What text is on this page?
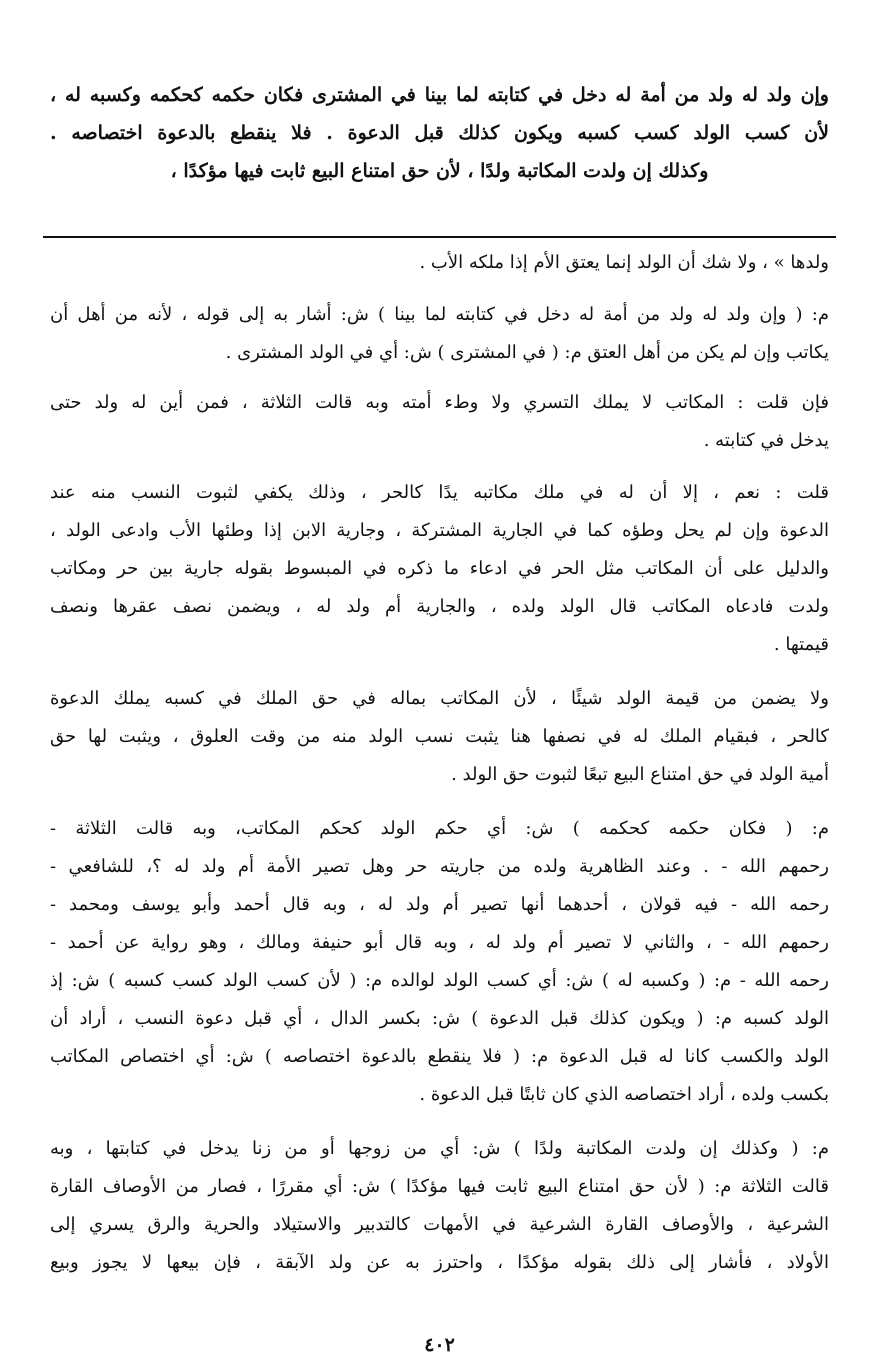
وإن ولد له ولد من أمة له دخل في كتابته لما بينا في المشترى فكان حكمه كحكمه وكسبه له ،
لأن كسب الولد كسب كسبه ويكون كذلك قبل الدعوة . فلا ينقطع بالدعوة اختصاصه .
وكذلك إن ولدت المكاتبة ولدًا ، لأن حق امتناع البيع ثابت فيها مؤكدًا ،
ولدها » ، ولا شك أن الولد إنما يعتق الأم إذا ملكه الأب .
م: ( وإن ولد له ولد من أمة له دخل في كتابته لما بينا ) ش: أشار به إلى قوله ، لأنه من أهل أن
يكاتب وإن لم يكن من أهل العتق م: ( في المشترى ) ش: أي في الولد المشترى .
فإن قلت : المكاتب لا يملك التسري ولا وطء أمته وبه قالت الثلاثة ، فمن أين له ولد حتى
يدخل في كتابته .
قلت : نعم ، إلا أن له في ملك مكاتبه يدًا كالحر ، وذلك يكفي لثبوت النسب منه عند
الدعوة وإن لم يحل وطؤه كما في الجارية المشتركة ، وجارية الابن إذا وطئها الأب وادعى الولد ،
والدليل على أن المكاتب مثل الحر في ادعاء ما ذكره في المبسوط بقوله جارية بين حر ومكاتب
ولدت فادعاه المكاتب قال الولد ولده ، والجارية أم ولد له ، ويضمن نصف عقرها ونصف
قيمتها .
ولا يضمن من قيمة الولد شيئًا ، لأن المكاتب بماله في حق الملك في كسبه يملك الدعوة
كالحر ، فبقيام الملك له في نصفها هنا يثبت نسب الولد منه من وقت العلوق ، ويثبت لها حق
أمية الولد في حق امتناع البيع تبعًا لثبوت حق الولد .
م: ( فكان حكمه كحكمه ) ش: أي حكم الولد كحكم المكاتب، وبه قالت الثلاثة -
رحمهم الله - . وعند الظاهرية ولده من جاريته حر وهل تصير الأمة أم ولد له ؟، للشافعي -
رحمه الله - فيه قولان ، أحدهما أنها تصير أم ولد له ، وبه قال أحمد وأبو يوسف ومحمد -
رحمهم الله - ، والثاني لا تصير أم ولد له ، وبه قال أبو حنيفة ومالك ، وهو رواية عن أحمد -
رحمه الله - م: ( وكسبه له ) ش: أي كسب الولد لوالده م: ( لأن كسب الولد كسب كسبه ) ش: إذ
الولد كسبه م: ( ويكون كذلك قبل الدعوة ) ش: بكسر الدال ، أي قبل دعوة النسب ، أراد أن
الولد والكسب كانا له قبل الدعوة م: ( فلا ينقطع بالدعوة اختصاصه ) ش: أي اختصاص المكاتب
بكسب ولده ، أراد اختصاصه الذي كان ثابتًا قبل الدعوة .
م: ( وكذلك إن ولدت المكاتبة ولدًا ) ش: أي من زوجها أو من زنا يدخل في كتابتها ، وبه
قالت الثلاثة م: ( لأن حق امتناع البيع ثابت فيها مؤكدًا ) ش: أي مقررًا ، فصار من الأوصاف القارة
الشرعية ، والأوصاف القارة الشرعية في الأمهات كالتدبير والاستيلاد والحرية والرق يسري إلى
الأولاد ، فأشار إلى ذلك بقوله مؤكدًا ، واحترز به عن ولد الآبقة ، فإن بيعها لا يجوز وبيع
٤٠٢
